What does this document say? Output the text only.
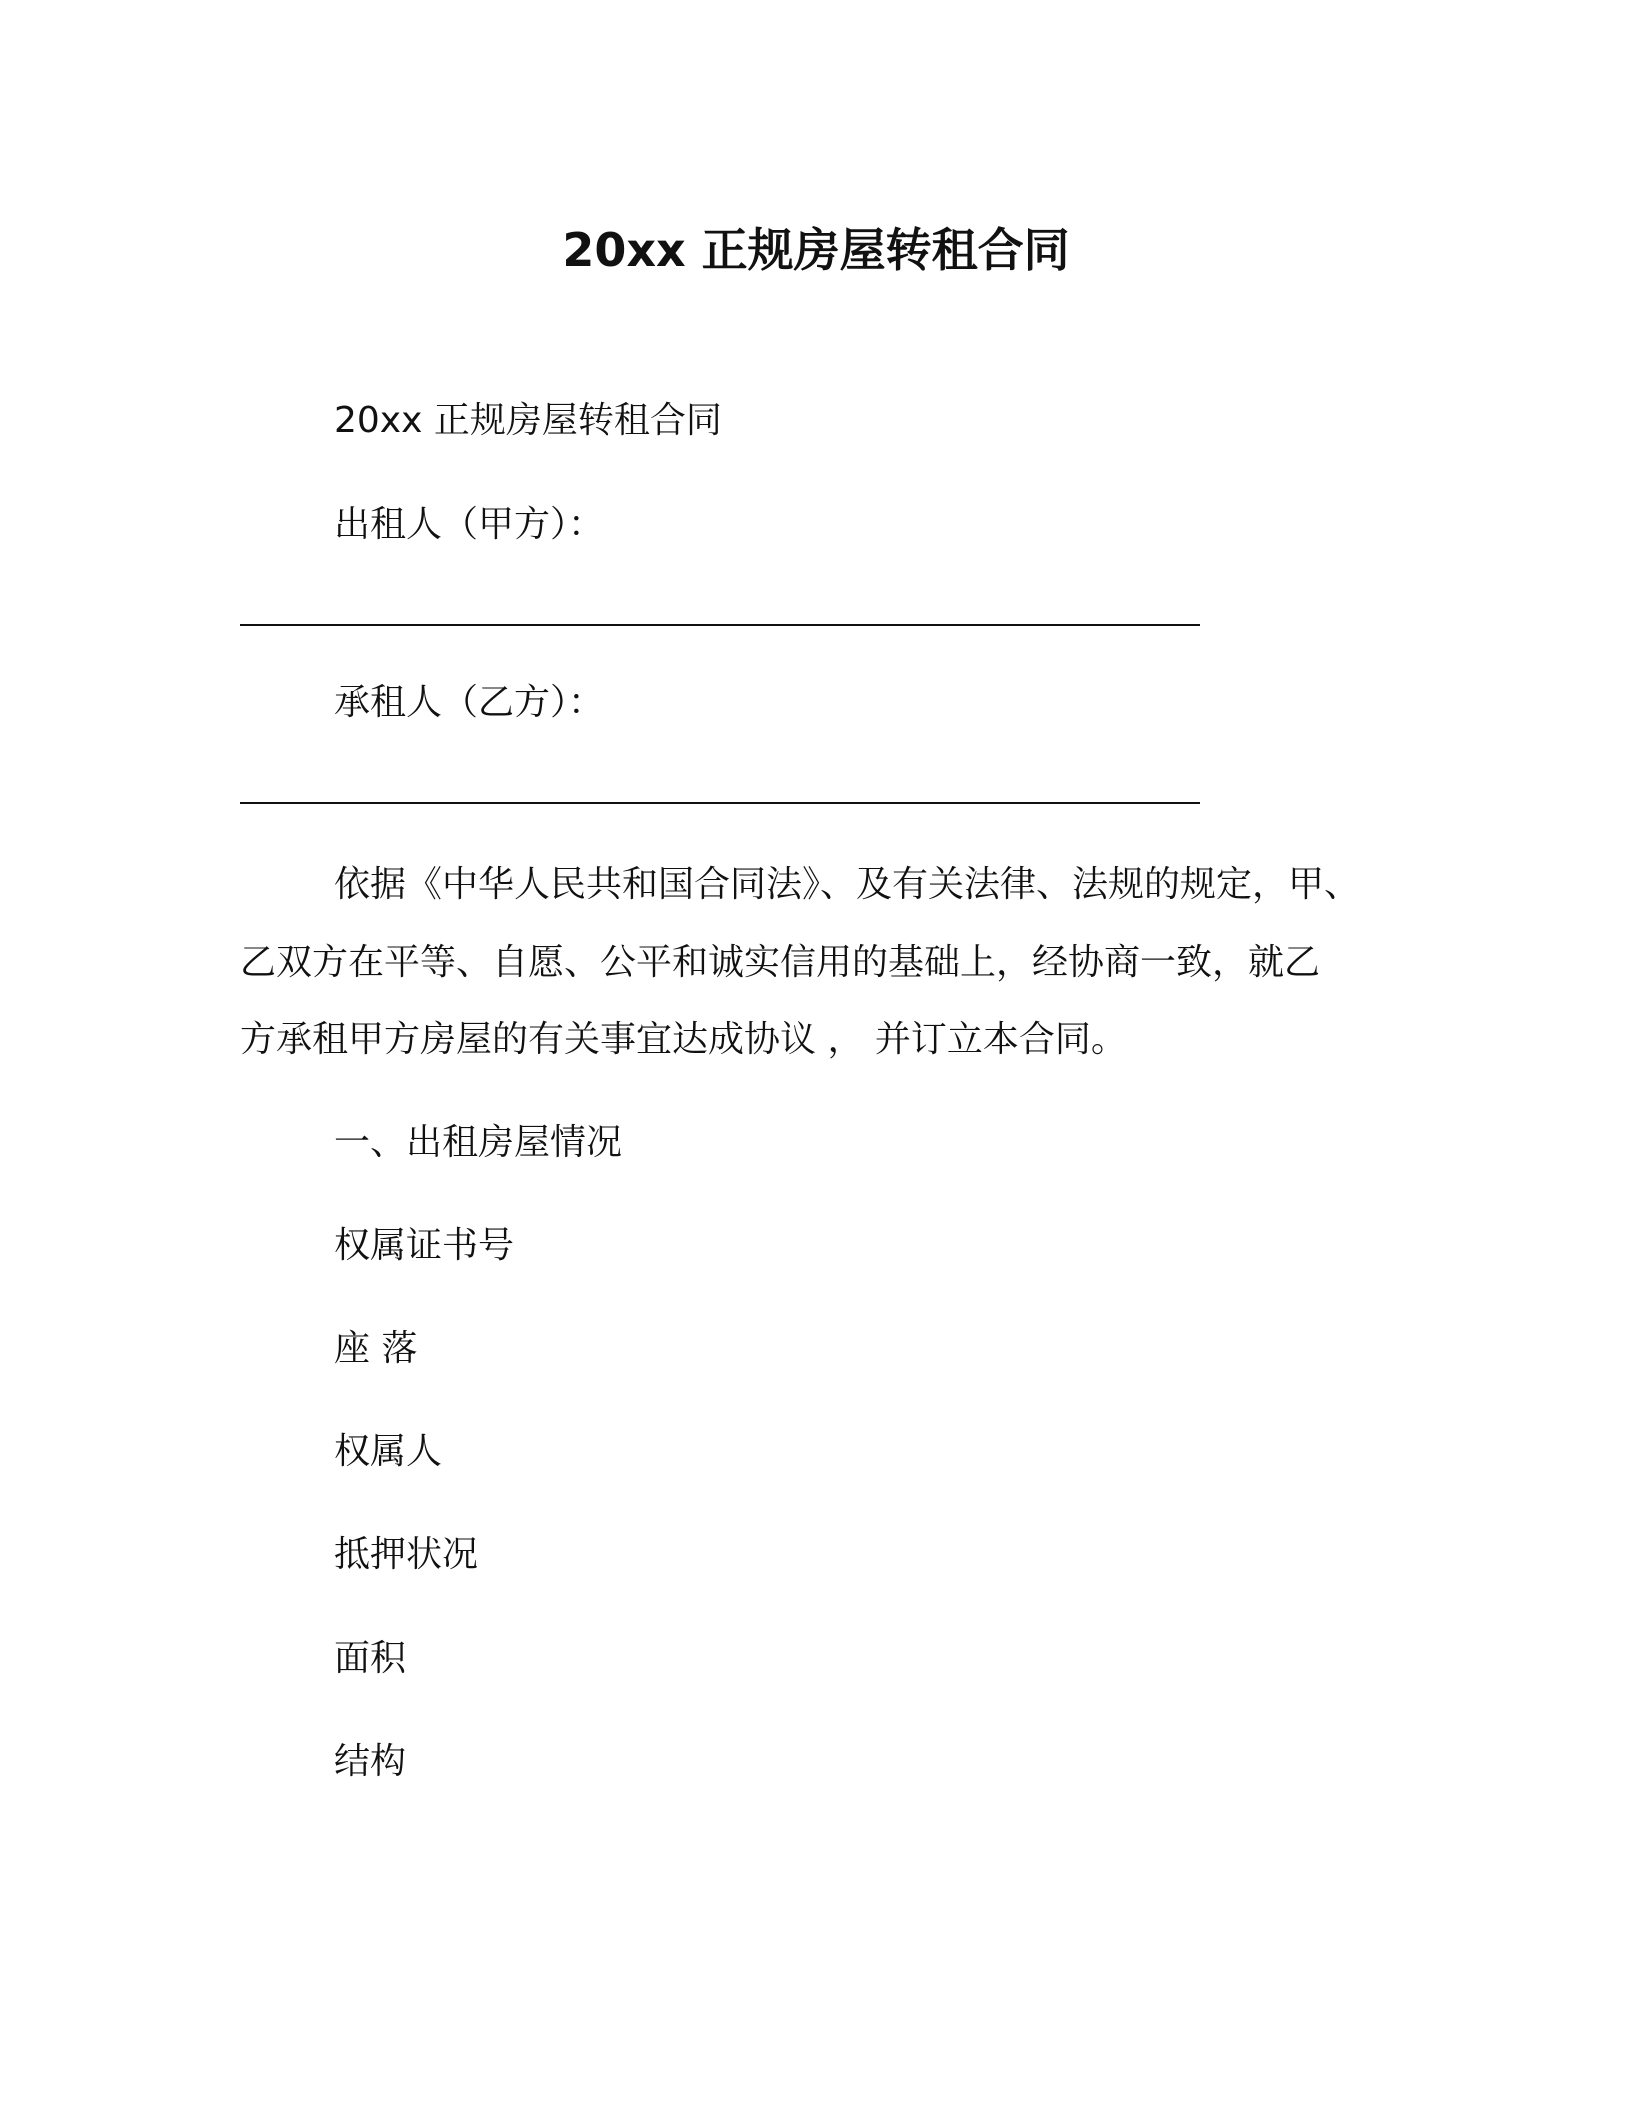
20xx 正规房屋转租合同
20xx 正规房屋转租合同
出租人（甲方）：
承租人（乙方）：
依据《中华人民共和国合同法》、及有关法律、法规的规定，甲、
乙双方在平等、自愿、公平和诚实信用的基础上，经协商一致，就乙
方承租甲方房屋的有关事宜达成协议 ， 并订立本合同。
一、出租房屋情况
权属证书号
座 落
权属人
抵押状况
面积
结构
